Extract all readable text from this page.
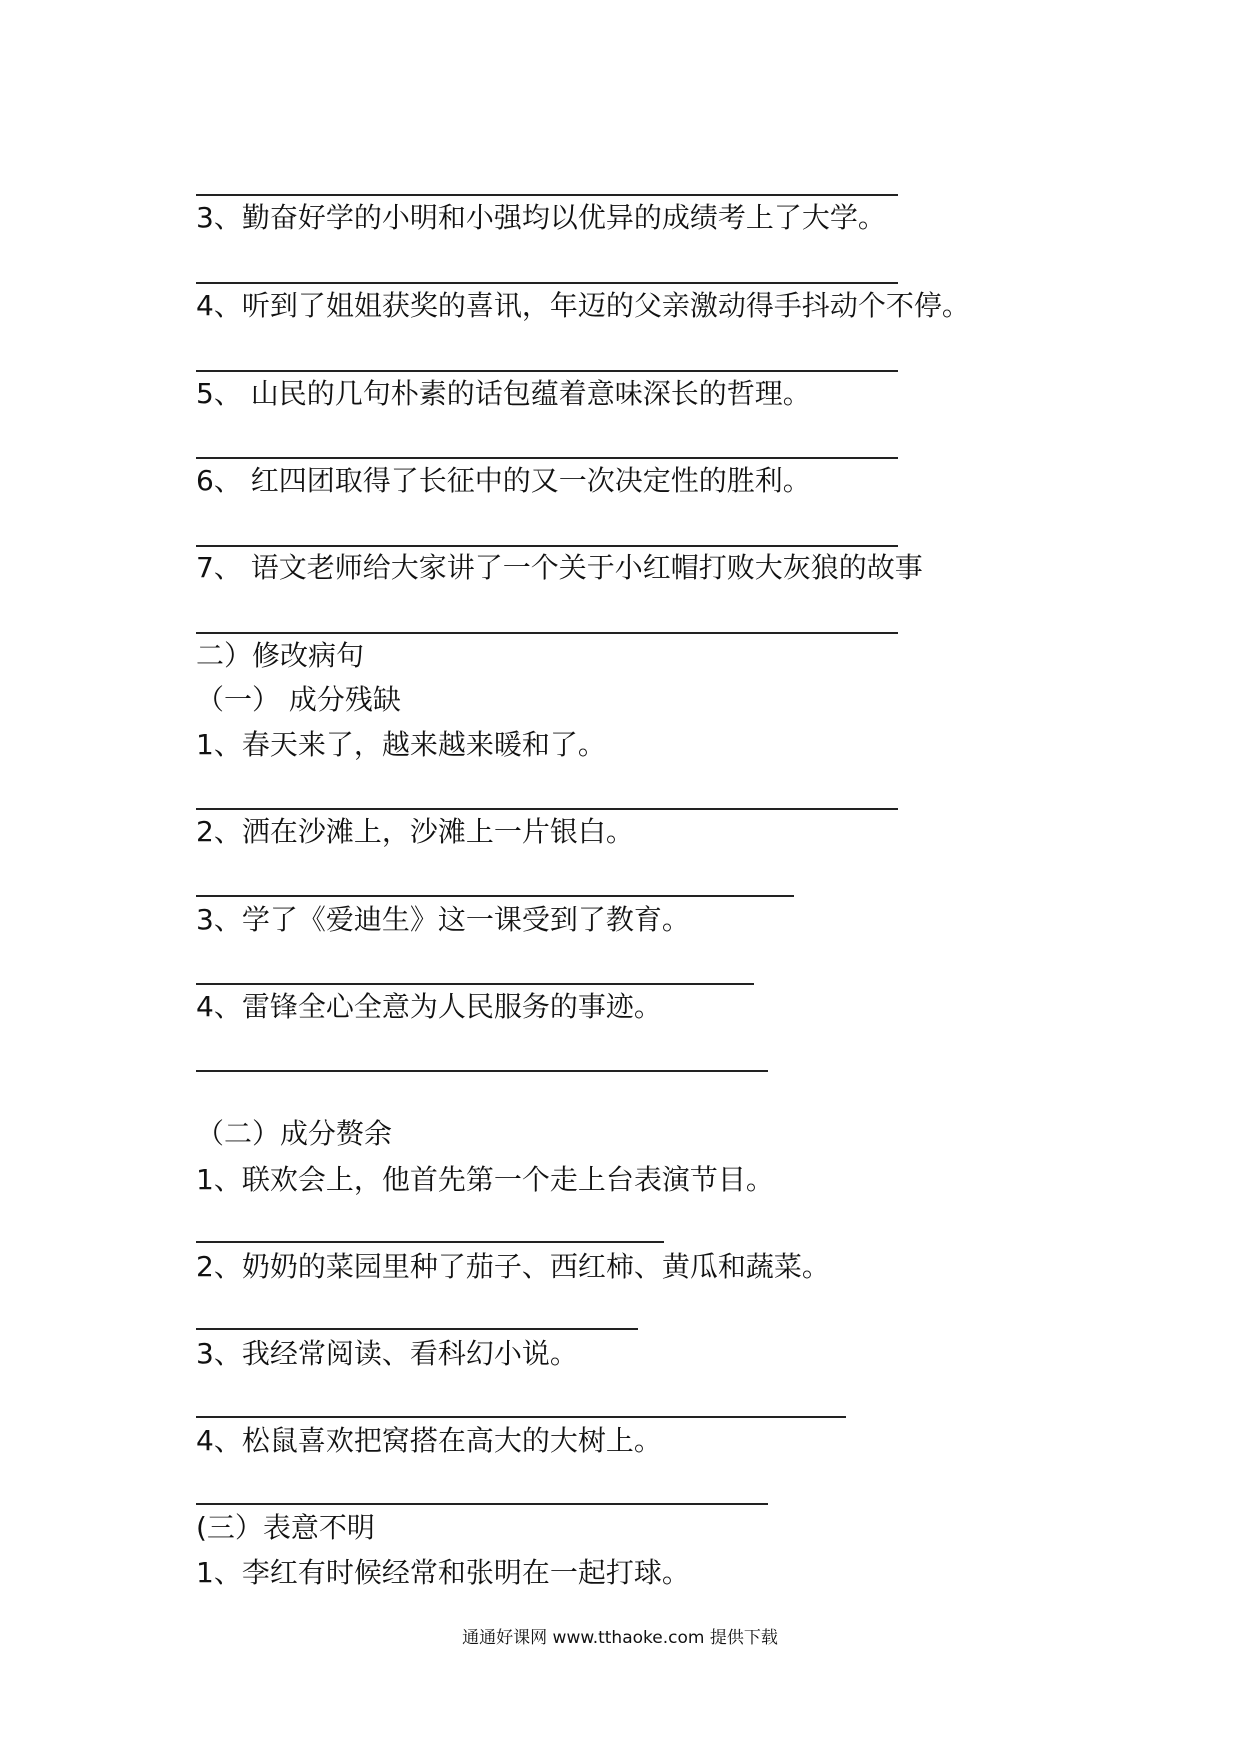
3、勤奋好学的小明和小强均以优异的成绩考上了大学。
4、听到了姐姐获奖的喜讯，年迈的父亲激动得手抖动个不停。
5、 山民的几句朴素的话包蕴着意味深长的哲理。
6、 红四团取得了长征中的又一次决定性的胜利。
7、 语文老师给大家讲了一个关于小红帽打败大灰狼的故事
二）修改病句
（一） 成分残缺
1、春天来了，越来越来暖和了。
2、洒在沙滩上，沙滩上一片银白。
3、学了《爱迪生》这一课受到了教育。
4、雷锋全心全意为人民服务的事迹。
（二）成分赘余
1、联欢会上，他首先第一个走上台表演节目。
2、奶奶的菜园里种了茄子、西红柿、黄瓜和蔬菜。
3、我经常阅读、看科幻小说。
4、松鼠喜欢把窝搭在高大的大树上。
(三）表意不明
1、李红有时候经常和张明在一起打球。
通通好课网 www.tthaoke.com 提供下载
